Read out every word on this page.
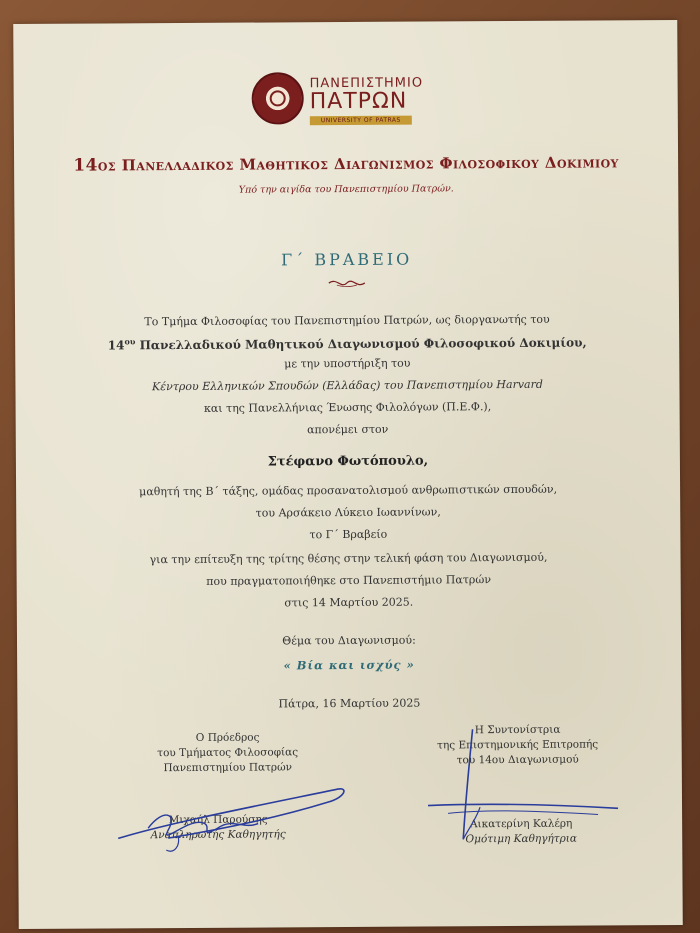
ΠΑΝΕΠΙΣΤΗΜΙΟ
ΠΑΤΡΩΝ
UNIVERSITY OF PATRAS
14ος Πανελλαδικος Μαθητικος Διαγωνισμος Φιλοσοφικου Δοκιμιου
Υπό την αιγίδα του Πανεπιστημίου Πατρών.
Γ΄ ΒΡΑΒΕΙΟ
Το Τμήμα Φιλοσοφίας του Πανεπιστημίου Πατρών, ως διοργανωτής του
$14^{o\upsilon}$ Πανελλαδικού Μαθητικού Διαγωνισμού Φιλοσοφικού Δοκιμίου,
με την υποστήριξη του
Κέντρου Ελληνικών Σπουδών (Ελλάδας) του Πανεπιστημίου Harvard
και της Πανελλήνιας Ένωσης Φιλολόγων (Π.Ε.Φ.),
απονέμει στον
Στέφανο Φωτόπουλο,
μαθητή της Β΄ τάξης, ομάδας προσανατολισμού ανθρωπιστικών σπουδών,
του Αρσάκειο Λύκειο Ιωαννίνων,
το Γ΄ Βραβείο
για την επίτευξη της τρίτης θέσης στην τελική φάση του Διαγωνισμού,
που πραγματοποιήθηκε στο Πανεπιστήμιο Πατρών
στις 14 Μαρτίου 2025.
Θέμα του Διαγωνισμού:
« Βία και ισχύς »
Πάτρα, 16 Μαρτίου 2025
Ο Πρόεδρος
του Τμήματος Φιλοσοφίας
Πανεπιστημίου Πατρών
Μιχαήλ Παρούσης
Αναπληρωτής Καθηγητής
Η Συντονίστρια
της Επιστημονικής Επιτροπής
του 14ου Διαγωνισμού
Αικατερίνη Καλέρη
Ομότιμη Καθηγήτρια
